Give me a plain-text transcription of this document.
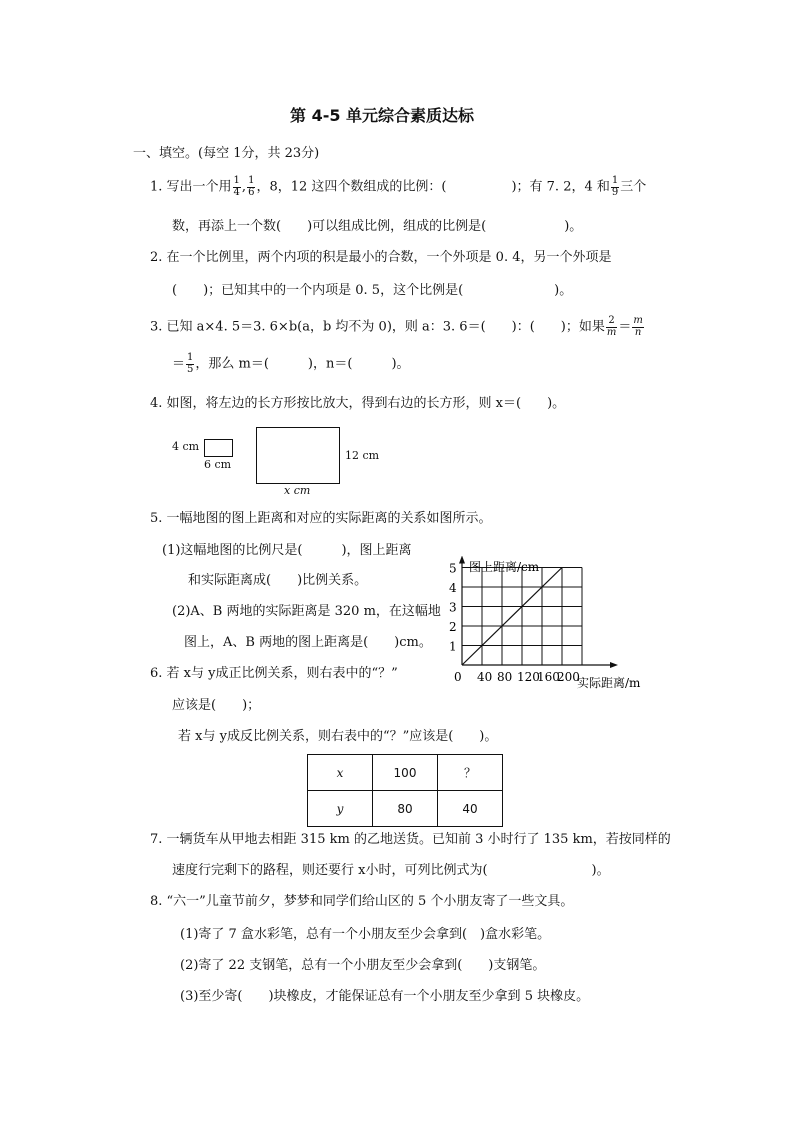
第 4-5 单元综合素质达标
一、填空。(每空 1分，共 23分)
1. 写出一个用 $\frac{1}{4}$ , $\frac{1}{6}$ ，8，12 这四个数组成的比例：(　　　　　)；有 7. 2，4 和 $\frac{1}{9}$ 三个
数，再添上一个数(　　)可以组成比例，组成的比例是(　　　　　　)。
2. 在一个比例里，两个内项的积是最小的合数，一个外项是 0. 4，另一个外项是
(　　)；已知其中的一个内项是 0. 5，这个比例是(　　　　　　　)。
3. 已知 a×4. 5＝3. 6×b(a，b 均不为 0)，则 a：3. 6＝(　　)：(　　)；如果 $\frac{2}{m} = \frac{m}{n}$
＝ $\frac{1}{5}$ ，那么 m＝(　　　)，n＝(　　　)。
4. 如图，将左边的长方形按比放大，得到右边的长方形，则 x＝(　　)。
4 cm
6 cm
12 cm
x cm
5. 一幅地图的图上距离和对应的实际距离的关系如图所示。
(1)这幅地图的比例尺是(　　　)，图上距离
和实际距离成(　　)比例关系。
(2)A、B 两地的实际距离是 320 m，在这幅地
图上，A、B 两地的图上距离是(　　)cm。
0 40 80 120
160
200
1
2
3
4
5 图上距离/cm
实际距离/m
6. 若 x与 y成正比例关系，则右表中的“？”
应该是(　　)；
若 x与 y成反比例关系，则右表中的“？”应该是(　　)。
x	100	？
y	80	40
7. 一辆货车从甲地去相距 315 km 的乙地送货。已知前 3 小时行了 135 km，若按同样的
速度行完剩下的路程，则还要行 x小时，可列比例式为(　　　　　　　　)。
8. “六一”儿童节前夕，梦梦和同学们给山区的 5 个小朋友寄了一些文具。
(1)寄了 7 盒水彩笔，总有一个小朋友至少会拿到(　)盒水彩笔。
(2)寄了 22 支钢笔，总有一个小朋友至少会拿到(　　)支钢笔。
(3)至少寄(　　)块橡皮，才能保证总有一个小朋友至少拿到 5 块橡皮。
